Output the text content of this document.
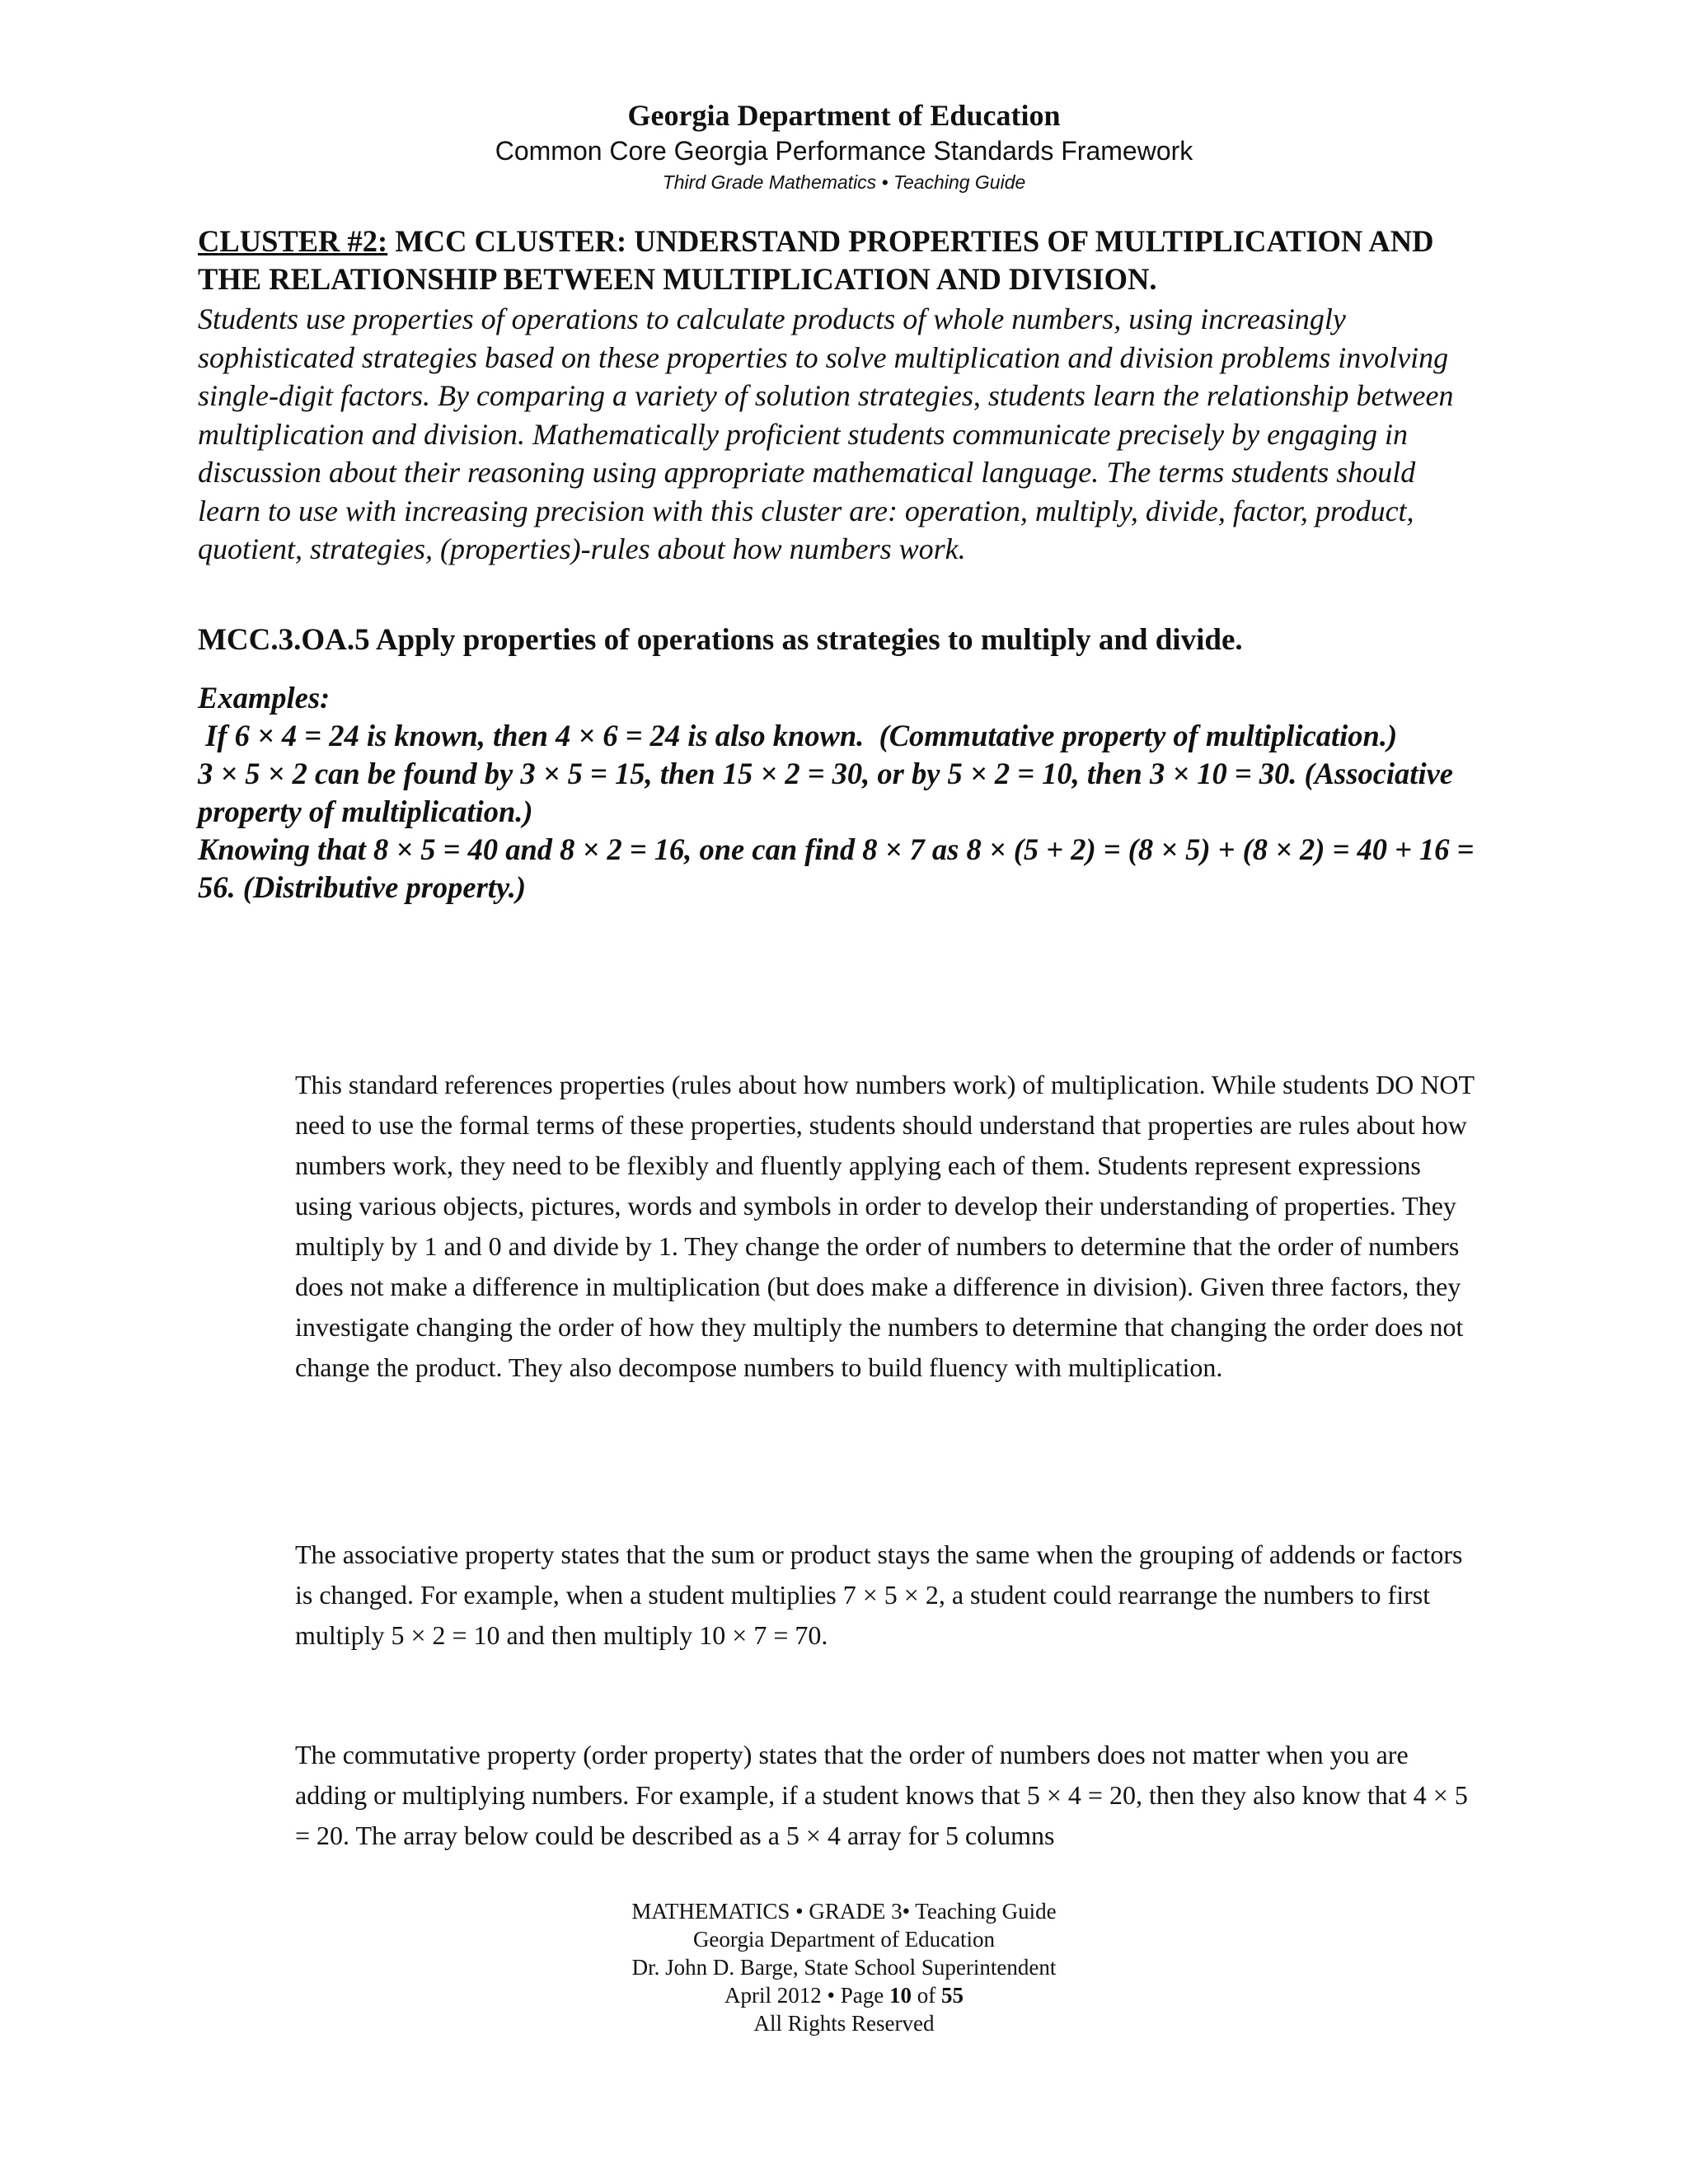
Georgia Department of Education
Common Core Georgia Performance Standards Framework
Third Grade Mathematics • Teaching Guide

CLUSTER #2: MCC CLUSTER: UNDERSTAND PROPERTIES OF MULTIPLICATION AND THE RELATIONSHIP BETWEEN MULTIPLICATION AND DIVISION.

Students use properties of operations to calculate products of whole numbers, using increasingly sophisticated strategies based on these properties to solve multiplication and division problems involving single-digit factors. By comparing a variety of solution strategies, students learn the relationship between multiplication and division. Mathematically proficient students communicate precisely by engaging in discussion about their reasoning using appropriate mathematical language. The terms students should learn to use with increasing precision with this cluster are: operation, multiply, divide, factor, product, quotient, strategies, (properties)-rules about how numbers work.

MCC.3.OA.5 Apply properties of operations as strategies to multiply and divide.

Examples:
If 6 × 4 = 24 is known, then 4 × 6 = 24 is also known.  (Commutative property of multiplication.)
3 × 5 × 2 can be found by 3 × 5 = 15, then 15 × 2 = 30, or by 5 × 2 = 10, then 3 × 10 = 30. (Associative property of multiplication.)
Knowing that 8 × 5 = 40 and 8 × 2 = 16, one can find 8 × 7 as 8 × (5 + 2) = (8 × 5) + (8 × 2) = 40 + 16 = 56. (Distributive property.)

This standard references properties (rules about how numbers work) of multiplication. While students DO NOT need to use the formal terms of these properties, students should understand that properties are rules about how numbers work, they need to be flexibly and fluently applying each of them. Students represent expressions using various objects, pictures, words and symbols in order to develop their understanding of properties. They multiply by 1 and 0 and divide by 1. They change the order of numbers to determine that the order of numbers does not make a difference in multiplication (but does make a difference in division). Given three factors, they investigate changing the order of how they multiply the numbers to determine that changing the order does not change the product. They also decompose numbers to build fluency with multiplication.

The associative property states that the sum or product stays the same when the grouping of addends or factors is changed. For example, when a student multiplies 7 × 5 × 2, a student could rearrange the numbers to first multiply 5 × 2 = 10 and then multiply 10 × 7 = 70.

The commutative property (order property) states that the order of numbers does not matter when you are adding or multiplying numbers. For example, if a student knows that 5 × 4 = 20, then they also know that 4 × 5 = 20. The array below could be described as a 5 × 4 array for 5 columns

MATHEMATICS • GRADE 3• Teaching Guide
Georgia Department of Education
Dr. John D. Barge, State School Superintendent
April 2012 • Page 10 of 55
All Rights Reserved
